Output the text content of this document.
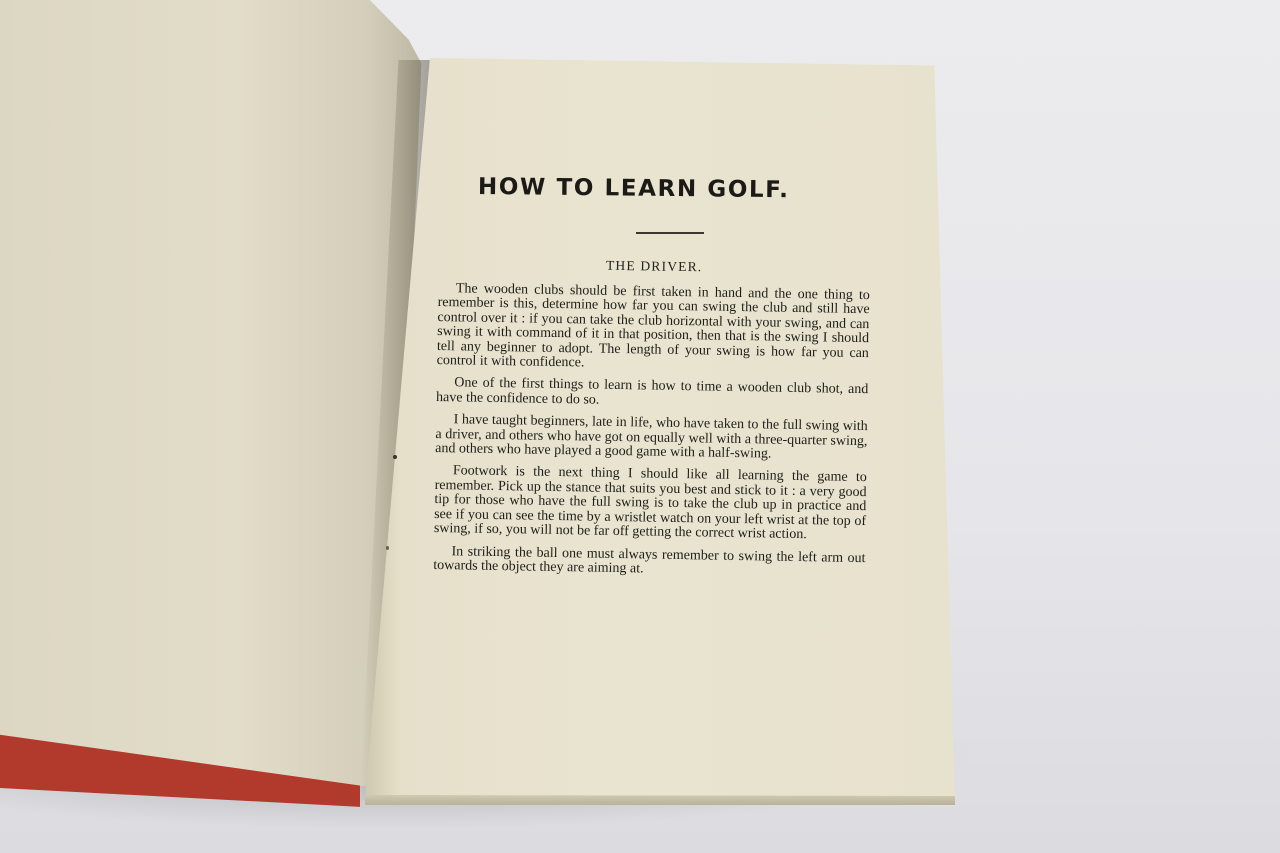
HOW TO LEARN GOLF.
THE DRIVER.

The wooden clubs should be first taken in hand and the one thing to remember is this, determine how far you can swing the club and still have control over it : if you can take the club horizontal with your swing, and can swing it with command of it in that position, then that is the swing I should tell any beginner to adopt. The length of your swing is how far you can control it with confidence.

One of the first things to learn is how to time a wooden club shot, and have the confidence to do so.

I have taught beginners, late in life, who have taken to the full swing with a driver, and others who have got on equally well with a three-quarter swing, and others who have played a good game with a half-swing.

Footwork is the next thing I should like all learning the game to remember. Pick up the stance that suits you best and stick to it : a very good tip for those who have the full swing is to take the club up in practice and see if you can see the time by a wristlet watch on your left wrist at the top of swing, if so, you will not be far off getting the correct wrist action.

In striking the ball one must always remember to swing the left arm out towards the object they are aiming at.
